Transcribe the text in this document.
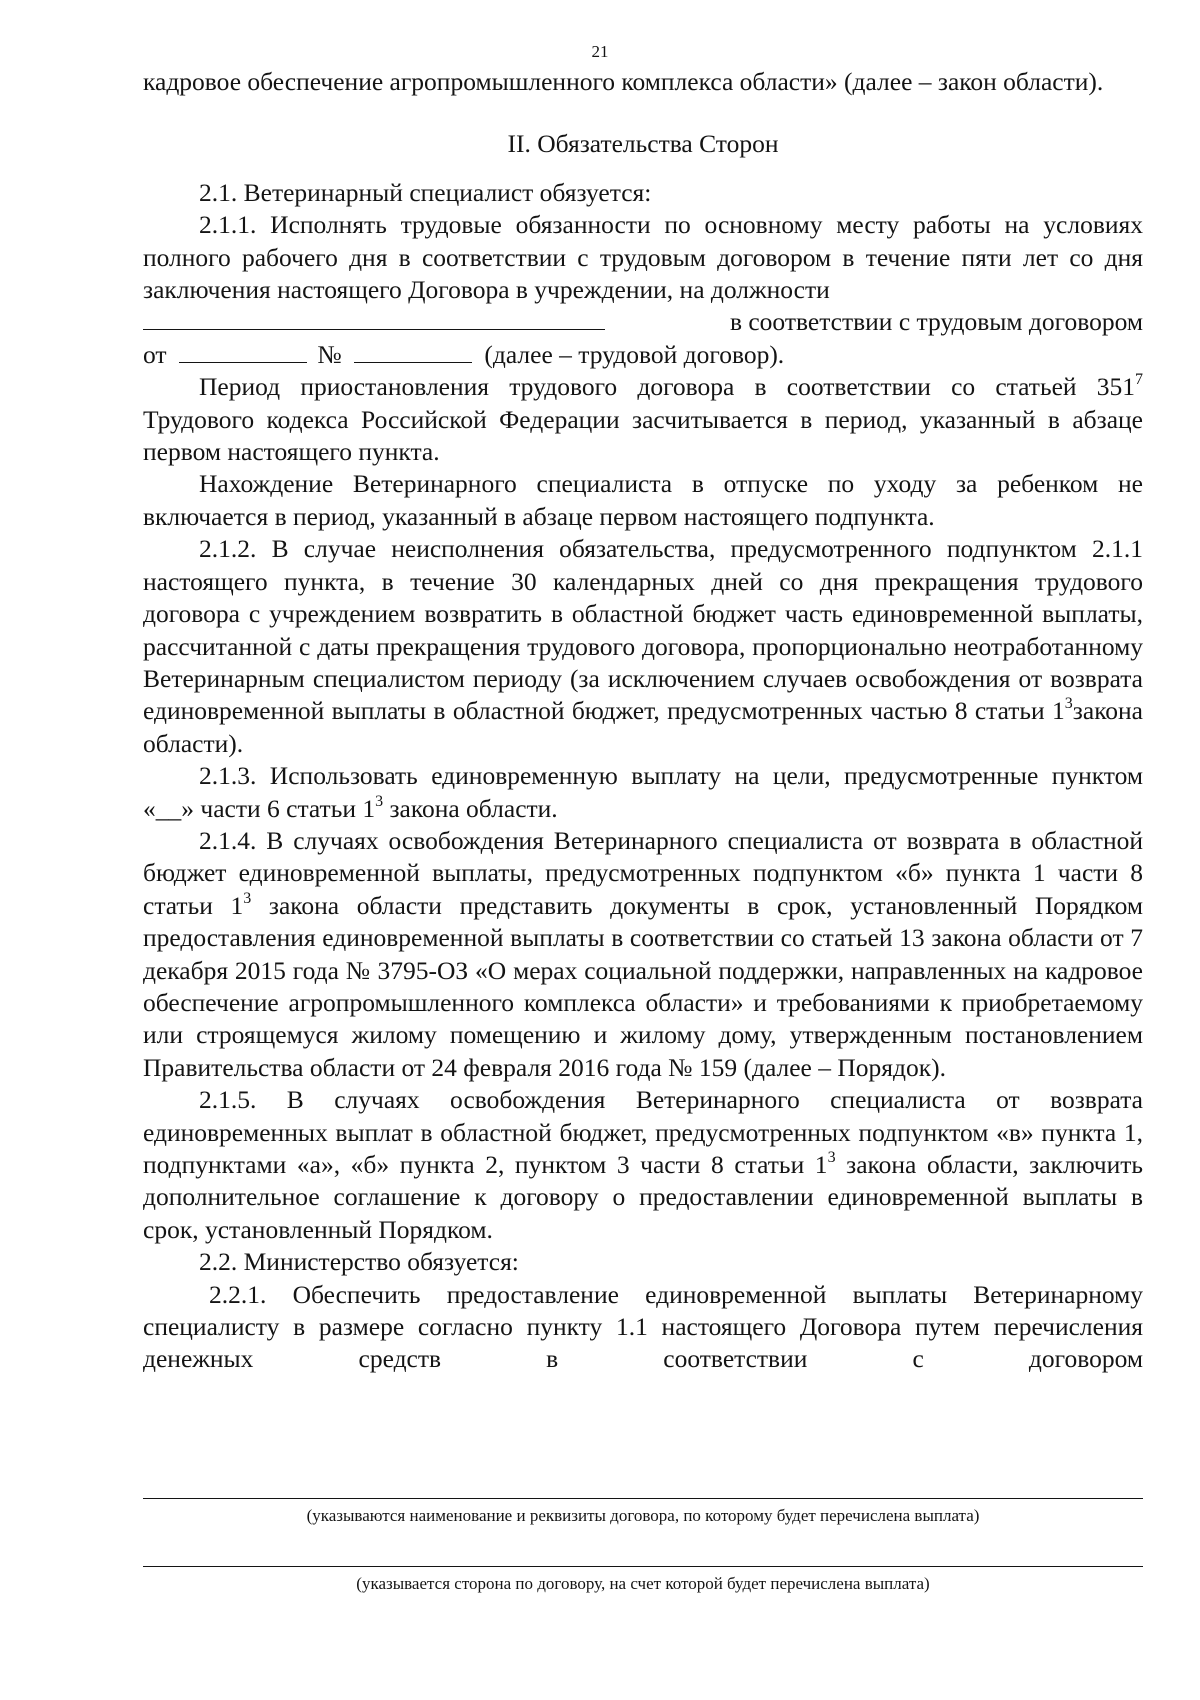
21

кадровое обеспечение агропромышленного комплекса области» (далее – закон области).

II. Обязательства Сторон

2.1. Ветеринарный специалист обязуется:

2.1.1. Исполнять трудовые обязанности по основному месту работы на условиях полного рабочего дня в соответствии с трудовым договором в течение пяти лет со дня заключения настоящего Договора в учреждении, на должности

в соответствии с трудовым договором
от	№	(далее – трудовой договор).

Период приостановления трудового договора в соответствии со статьей $351^7$ Трудового кодекса Российской Федерации засчитывается в период, указанный в абзаце первом настоящего пункта.

Нахождение Ветеринарного специалиста в отпуске по уходу за ребенком не включается в период, указанный в абзаце первом настоящего подпункта.

2.1.2. В случае неисполнения обязательства, предусмотренного подпунктом 2.1.1 настоящего пункта, в течение 30 календарных дней со дня прекращения трудового договора с учреждением возвратить в областной бюджет часть единовременной выплаты, рассчитанной с даты прекращения трудового договора, пропорционально неотработанному Ветеринарным специалистом периоду (за исключением случаев освобождения от возврата единовременной выплаты в областной бюджет, предусмотренных частью 8 статьи $1^3закона$ области).

2.1.3. Использовать единовременную выплату на цели, предусмотренные пунктом «__» части 6 статьи $1^3$ закона области.

2.1.4. В случаях освобождения Ветеринарного специалиста от возврата в областной бюджет единовременной выплаты, предусмотренных подпунктом «б» пункта 1 части 8 статьи $1^3$ закона области представить документы в срок, установленный Порядком предоставления единовременной выплаты в соответствии со статьей 13 закона области от 7 декабря 2015 года № 3795-ОЗ «О мерах социальной поддержки, направленных на кадровое обеспечение агропромышленного комплекса области» и требованиями к приобретаемому или строящемуся жилому помещению и жилому дому, утвержденным постановлением Правительства области от 24 февраля 2016 года № 159 (далее – Порядок).

2.1.5. В случаях освобождения Ветеринарного специалиста от возврата единовременных выплат в областной бюджет, предусмотренных подпунктом «в» пункта 1, подпунктами «а», «б» пункта 2, пунктом 3 части 8 статьи $1^3$ закона области, заключить дополнительное соглашение к договору о предоставлении единовременной выплаты в срок, установленный Порядком.

2.2. Министерство обязуется:

2.2.1. Обеспечить предоставление единовременной выплаты Ветеринарному специалисту в размере согласно пункту 1.1 настоящего Договора путем перечисления денежных средств в соответствии с договором

(указываются наименование и реквизиты договора, по которому будет перечислена выплата)
(указывается сторона по договору, на счет которой будет перечислена выплата)
